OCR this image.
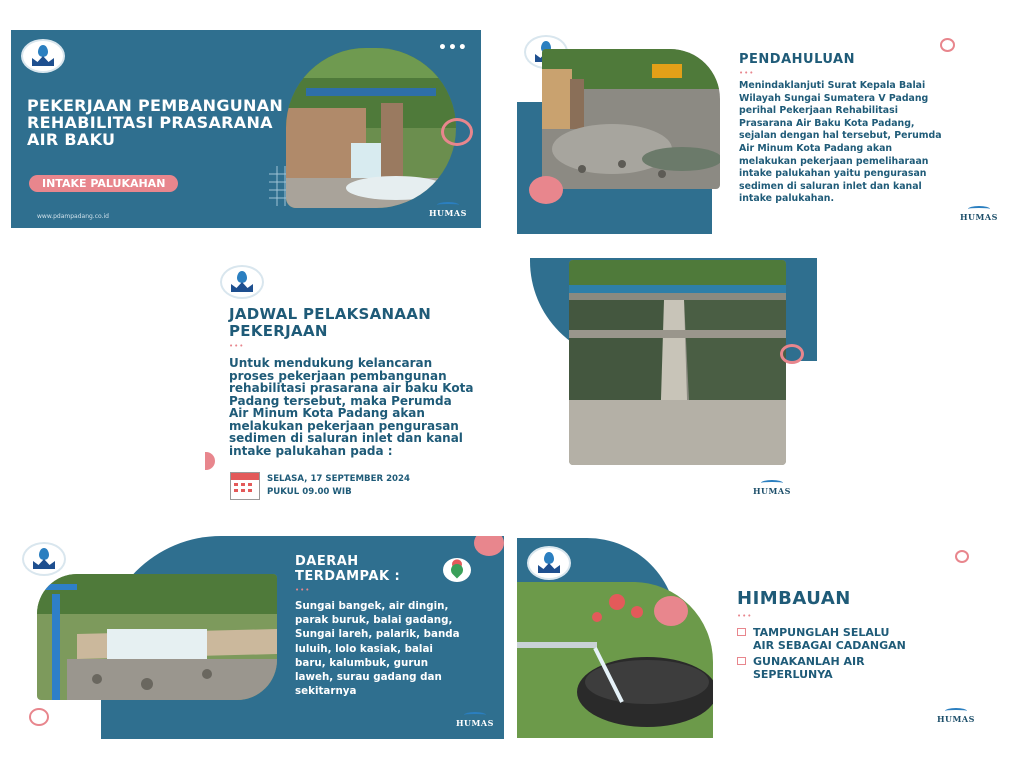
•••
PEKERJAAN PEMBANGUNAN
REHABILITASI PRASARANA
AIR BAKU
INTAKE PALUKAHAN
www.pdampadang.co.id	HUMAS
PENDAHULUAN
•••
Menindaklanjuti Surat Kepala Balai
Wilayah Sungai Sumatera V Padang
perihal Pekerjaan Rehabilitasi
Prasarana Air Baku Kota Padang,
sejalan dengan hal tersebut, Perumda
Air Minum Kota Padang akan
melakukan pekerjaan pemeliharaan
intake palukahan yaitu pengurasan
sedimen di saluran inlet dan kanal
intake palukahan.
HUMAS
JADWAL PELAKSANAAN
PEKERJAAN
•••
Untuk mendukung kelancaran
proses pekerjaan pembangunan
rehabilitasi prasarana air baku Kota
Padang tersebut, maka Perumda
Air Minum Kota Padang akan
melakukan pekerjaan pengurasan
sedimen di saluran inlet dan kanal
intake palukahan pada :
SELASA, 17 SEPTEMBER 2024
PUKUL 09.00 WIB	HUMAS
DAERAH
TERDAMPAK :
•••
Sungai bangek, air dingin,
parak buruk, balai gadang,
Sungai lareh, palarik, banda
luluih, lolo kasiak, balai
baru, kalumbuk, gurun
laweh, surau gadang dan
sekitarnya
HUMAS
HIMBAUAN
•••
TAMPUNGLAH SELALU
AIR SEBAGAI CADANGAN
GUNAKANLAH AIR
SEPERLUNYA
HUMAS
